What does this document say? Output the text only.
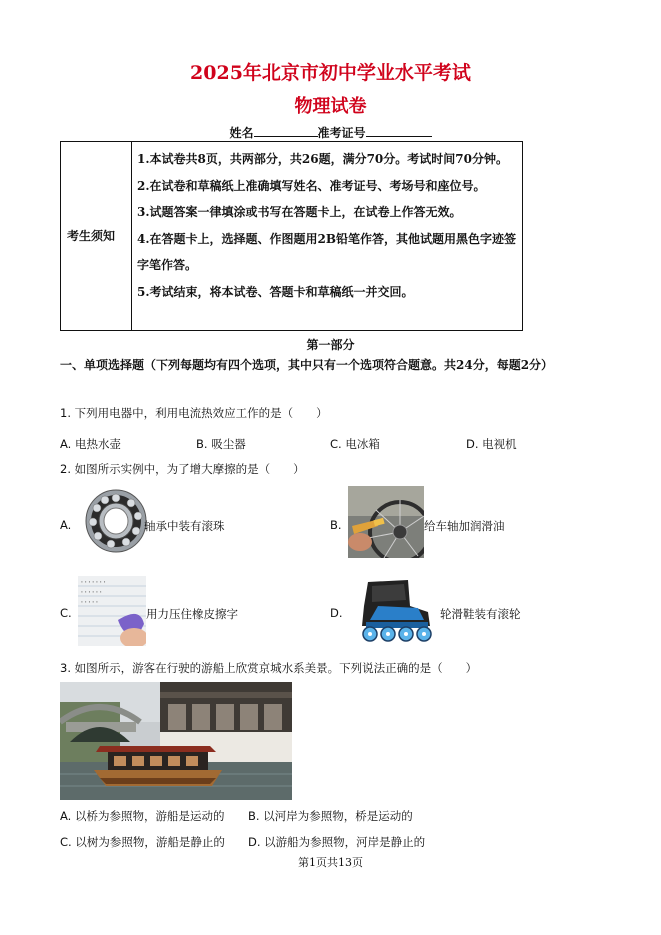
2025年北京市初中学业水平考试
物理试卷
姓名	准考证号
考生须知	
1.本试卷共8页，共两部分，共26题，满分70分。考试时间70分钟。
2.在试卷和草稿纸上准确填写姓名、准考证号、考场号和座位号。
3.试题答案一律填涂或书写在答题卡上，在试卷上作答无效。
4.在答题卡上，选择题、作图题用2B铅笔作答，其他试题用黑色字迹签字笔作答。
5.考试结束，将本试卷、答题卡和草稿纸一并交回。
第一部分
一、单项选择题（下列每题均有四个选项，其中只有一个选项符合题意。共24分，每题2分）
1. 下列用电器中，利用电流热效应工作的是（　　）
A. 电热水壶	B. 吸尘器	C. 电冰箱	D. 电视机
2. 如图所示实例中，为了增大摩擦的是（　　）
A.	轴承中装有滚珠	B.	给车轴加润滑油
C.
ꞏ ꞏ ꞏ ꞏ ꞏ ꞏ ꞏ
ꞏ ꞏ ꞏ ꞏ ꞏ ꞏ
ꞏ ꞏ ꞏ ꞏ ꞏ
用力压住橡皮擦字	D.	轮滑鞋装有滚轮
3. 如图所示，游客在行驶的游船上欣赏京城水系美景。下列说法正确的是（　　）
A. 以桥为参照物，游船是运动的 B. 以河岸为参照物，桥是运动的
C. 以树为参照物，游船是静止的 D. 以游船为参照物，河岸是静止的
第1页共13页
